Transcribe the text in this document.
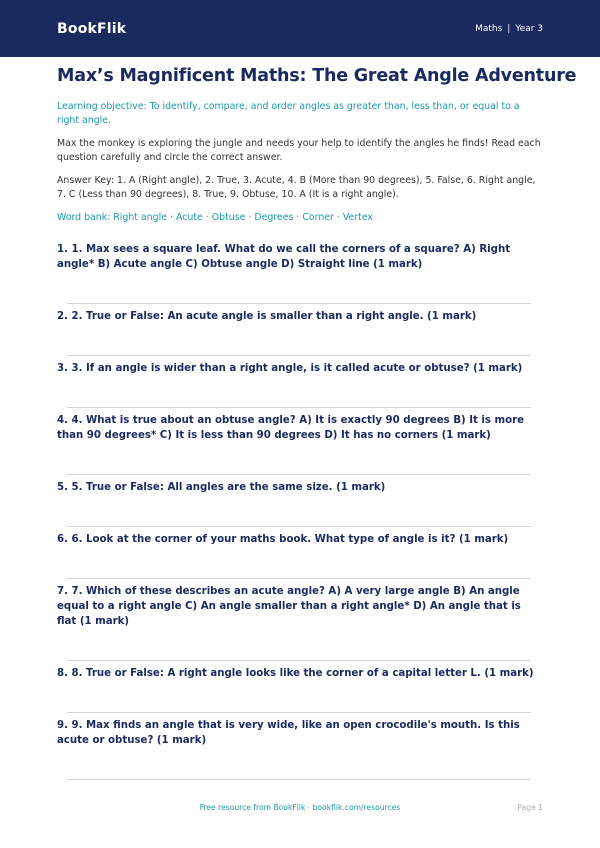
BookFlik	Maths | Year 3
Max’s Magnificent Maths: The Great Angle Adventure

Learning objective: To identify, compare, and order angles as greater than, less than, or equal to a right angle.

Max the monkey is exploring the jungle and needs your help to identify the angles he finds! Read each question carefully and circle the correct answer.

Answer Key: 1. A (Right angle), 2. True, 3. Acute, 4. B (More than 90 degrees), 5. False, 6. Right angle, 7. C (Less than 90 degrees), 8. True, 9. Obtuse, 10. A (It is a right angle).

Word bank: Right angle · Acute · Obtuse · Degrees · Corner · Vertex

1. 1. Max sees a square leaf. What do we call the corners of a square? A) Right angle* B) Acute angle C) Obtuse angle D) Straight line (1 mark)
2. 2. True or False: An acute angle is smaller than a right angle. (1 mark)
3. 3. If an angle is wider than a right angle, is it called acute or obtuse? (1 mark)
4. 4. What is true about an obtuse angle? A) It is exactly 90 degrees B) It is more than 90 degrees* C) It is less than 90 degrees D) It has no corners (1 mark)
5. 5. True or False: All angles are the same size. (1 mark)
6. 6. Look at the corner of your maths book. What type of angle is it? (1 mark)
7. 7. Which of these describes an acute angle? A) A very large angle B) An angle equal to a right angle C) An angle smaller than a right angle* D) An angle that is flat (1 mark)
8. 8. True or False: A right angle looks like the corner of a capital letter L. (1 mark)
9. 9. Max finds an angle that is very wide, like an open crocodile's mouth. Is this acute or obtuse? (1 mark)
Free resource from BookFlik · bookflik.com/resources	Page 1
